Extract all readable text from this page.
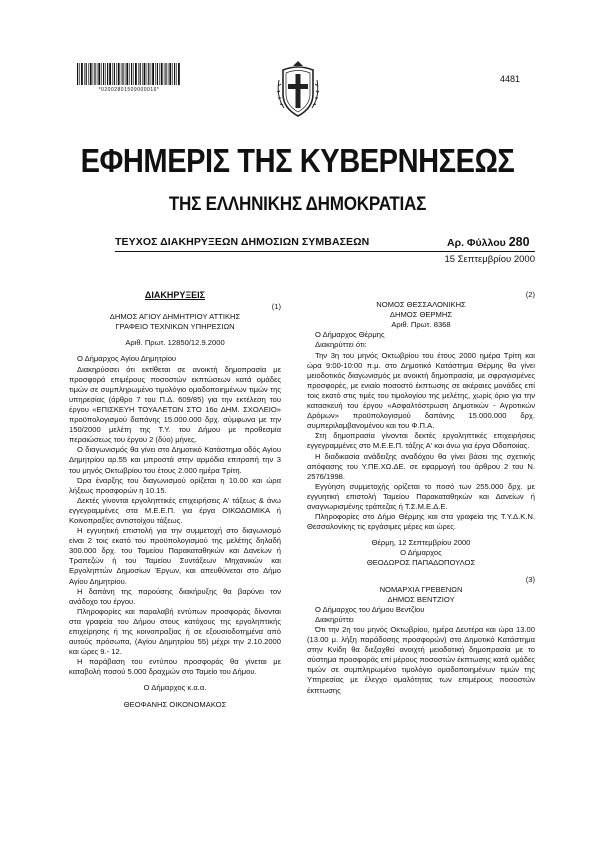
*02002801509000016*
4481
ΕΦΗΜΕΡΙΣ ΤΗΣ ΚΥΒΕΡΝΗΣΕΩΣ
ΤΗΣ ΕΛΛΗΝΙΚΗΣ ΔΗΜΟΚΡΑΤΙΑΣ
ΤΕΥΧΟΣ ΔΙΑΚΗΡΥΞΕΩΝ ΔΗΜΟΣΙΩΝ ΣΥΜΒΑΣΕΩΝ	Αρ. Φύλλου 280
15 Σεπτεμβρίου 2000

ΔΙΑΚΗΡΥΞΕΙΣ

(1)

ΔΗΜΟΣ ΑΓΙΟΥ ΔΗΜΗΤΡΙΟΥ ΑΤΤΙΚΗΣ

ΓΡΑΦΕΙΟ ΤΕΧΝΙΚΩΝ ΥΠΗΡΕΣΙΩΝ

Αριθ. Πρωτ. 12850/12.9.2000

Ο Δήμαρχος Αγίου Δημητρίου

Διακηρύσσει ότι εκτίθεται σε ανοικτή δημοπρασία με προσφορά επιμέρους ποσοστών εκπτώσεων κατά ομάδες τιμών σε συμπληρωμένο τιμολόγιο ομαδοποιημένων τιμών της υπηρεσίας (άρθρο 7 του Π.Δ. 609/85) για την εκτέλεση του έργου «ΕΠΙΣΚΕΥΗ ΤΟΥΑΛΕΤΩΝ ΣΤΟ 16ο ΔΗΜ. ΣΧΟΛΕΙΟ» προϋπολογισμού δαπάνης 15.000.000 δρχ. σύμφωνα με την 150/2000 μελέτη της Τ.Υ. του Δήμου με προθεσμία περαιώσεως του έργου 2 (δύο) μήνες.

Ο διαγωνισμός θα γίνει στο Δημοτικό Κατάστημα οδός Αγίου Δημητρίου αρ.55 και μπροστά στην αρμόδια επιτροπή την 3 του μηνός Οκτωβρίου του έτους 2.000 ημέρα Τρίτη.

Ώρα έναρξης του διαγωνισμού ορίζεται η 10.00 και ώρα λήξεως προσφορών η 10.15.

Δεκτές γίνονται εργοληπτικές επιχειρήσεις Α' τάξεως & άνω εγγεγραμμένες στα Μ.Ε.Ε.Π. για έργα ΟΙΚΟΔΟΜΙΚΑ ή Κοινοπραξίες αντιστοίχου τάξεως.

Η εγγυητική επιστολή για την συμμετοχή στο διαγωνισμό είναι 2 τοις εκατό του προϋπολογισμού της μελέτης δηλαδή 300.000 δρχ. του Ταμείου Παρακαταθηκών και Δανείων ή Τραπεζών ή του Ταμείου Συντάξεων Μηχανικών και Εργοληπτών Δημοσίων Έργων, και απευθύνεται στο Δήμο Αγίου Δημητρίου.

Η δαπάνη της παρούσης διακήρυξης θα βαρύνει τον ανάδοχο του έργου.

Πληροφορίες και παραλαβή εντύπων προσφοράς δίνονται στα γραφεία του Δήμου στους κατόχους της εργοληπτικής επιχείρησης ή της κοινοπραξίας ή σε εξουσιοδοτημένα από αυτούς πρόσωπα, (Αγίου Δημητρίου 55) μέχρι την 2.10.2000 και ώρες 9.- 12.

Η παράβαση του εντύπου προσφοράς θα γίνεται με καταβολή ποσού 5.000 δραχμών στο Ταμείο του Δήμου.

Ο Δήμαρχος κ.α.α.

ΘΕΟΦΑΝΗΣ ΟΙΚΟΝΟΜΑΚΟΣ

(2)

ΝΟΜΟΣ ΘΕΣΣΑΛΟΝΙΚΗΣ

ΔΗΜΟΣ ΘΕΡΜΗΣ

Αριθ. Πρωτ. 8368

Ο Δήμαρχος Θέρμης

Διακηρύττει ότι:

Την 3η του μηνός Οκτωβρίου του έτους 2000 ημέρα Τρίτη και ώρα 9:00-10:00 π.μ. στο Δημοτικό Κατάστημα Θέρμης θα γίνει μειοδοτικός διαγωνισμός με ανοικτή δημοπρασία, με σφραγισμένες προσφορές, με ενιαίο ποσοστό έκπτωσης σε ακέραιες μονάδες επί τοις εκατό στις τιμές του τιμολογίου της μελέτης, χωρίς όριο για την κατασκευή του έργου «Ασφαλτόστρωση Δημοτικών - Αγροτικών Δρόμων» προϋπολογισμού δαπάνης 15.000.000 δρχ. συμπεριλαμβανομένου και του Φ.Π.Α.

Στη δημοπρασία γίνονται δεκτές εργοληπτικές επιχειρήσεις εγγεγραμμένες στο Μ.Ε.Ε.Π. τάξης Α' και άνω για έργα Οδοποιίας.

Η διαδικασία ανάδειξης αναδόχου θα γίνει βάσει της σχετικής απόφασης του Υ.ΠΕ.ΧΩ.ΔΕ. σε εφαρμογή του άρθρου 2 του Ν. 2576/1998.

Εγγύηση συμμετοχής ορίζεται το ποσό των 255.000 δρχ. με εγγυητική επιστολή Ταμείου Παρακαταθηκών και Δανείων ή αναγνωρισμένης τράπεζας ή Τ.Σ.Μ.Ε.Δ.Ε.

Πληροφορίες στο Δήμο Θέρμης και στα γραφεία της Τ.Υ.Δ.Κ.Ν. Θεσσαλονίκης τις εργάσιμες μέρες και ώρες.

Θέρμη, 12 Σεπτεμβρίου 2000

Ο Δήμαρχος

ΘΕΟΔΩΡΟΣ ΠΑΠΑΔΟΠΟΥΛΟΣ

(3)

ΝΟΜΑΡΧΙΑ ΓΡΕΒΕΝΩΝ

ΔΗΜΟΣ ΒΕΝΤΖΙΟΥ

Ο Δήμαρχος του Δήμου Βεντζίου

Διακηρύττει

Ότι την 2η του μηνός Οκτωβρίου, ημέρα Δευτέρα και ώρα 13.00 (13.00 μ. λήξη παράδοσης προσφορών) στο Δημοτικό Κατάστημα στην Κνίδη θα διεξαχθεί ανοιχτή μειοδοτική δημοπρασία με το σύστημα προσφοράς επί μέρους ποσοστών έκπτωσης κατά ομάδες τιμών σε συμπληρωμένο τιμολόγιο ομαδοποιημένων τιμών της Υπηρεσίας με έλεγχο ομαλότητας των επιμέρους ποσοστών έκπτωσης
